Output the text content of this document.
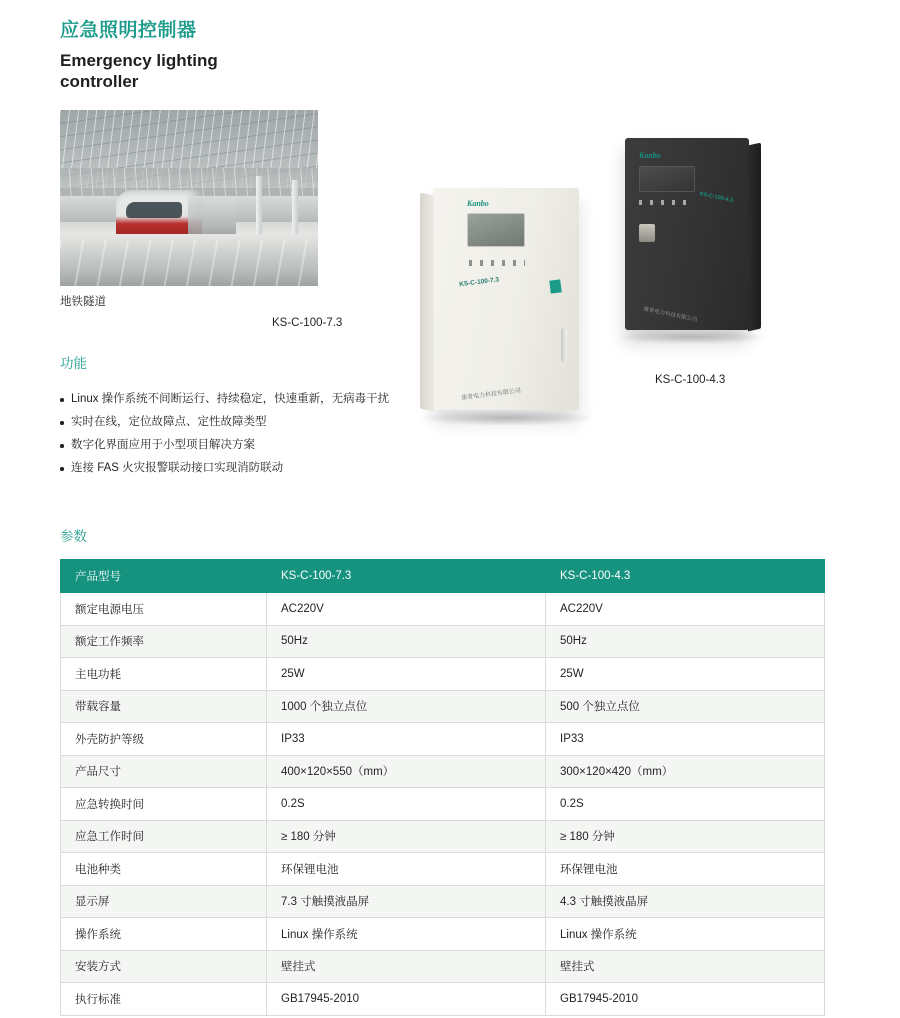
应急照明控制器
Emergency lighting controller
地铁隧道
Kanbo
KS-C-100-4.3
康普电力科技有限公司
Kanbo
KS-C-100-7.3
康普电力科技有限公司
KS-C-100-7.3
KS-C-100-4.3
功能
Linux 操作系统不间断运行、持续稳定，快速重新，无病毒干扰
实时在线，定位故障点、定性故障类型
数字化界面应用于小型项目解决方案
连接 FAS 火灾报警联动接口实现消防联动
参数
产品型号	KS-C-100-7.3	KS-C-100-4.3
额定电源电压	AC220V	AC220V
额定工作频率	50Hz	50Hz
主电功耗	25W	25W
带载容量	1000 个独立点位	500 个独立点位
外壳防护等级	IP33	IP33
产品尺寸	400×120×550（mm）	300×120×420（mm）
应急转换时间	0.2S	0.2S
应急工作时间	≥ 180 分钟	≥ 180 分钟
电池种类	环保锂电池	环保锂电池
显示屏	7.3 寸触摸液晶屏	4.3 寸触摸液晶屏
操作系统	Linux 操作系统	Linux 操作系统
安装方式	壁挂式	壁挂式
执行标准	GB17945-2010	GB17945-2010
